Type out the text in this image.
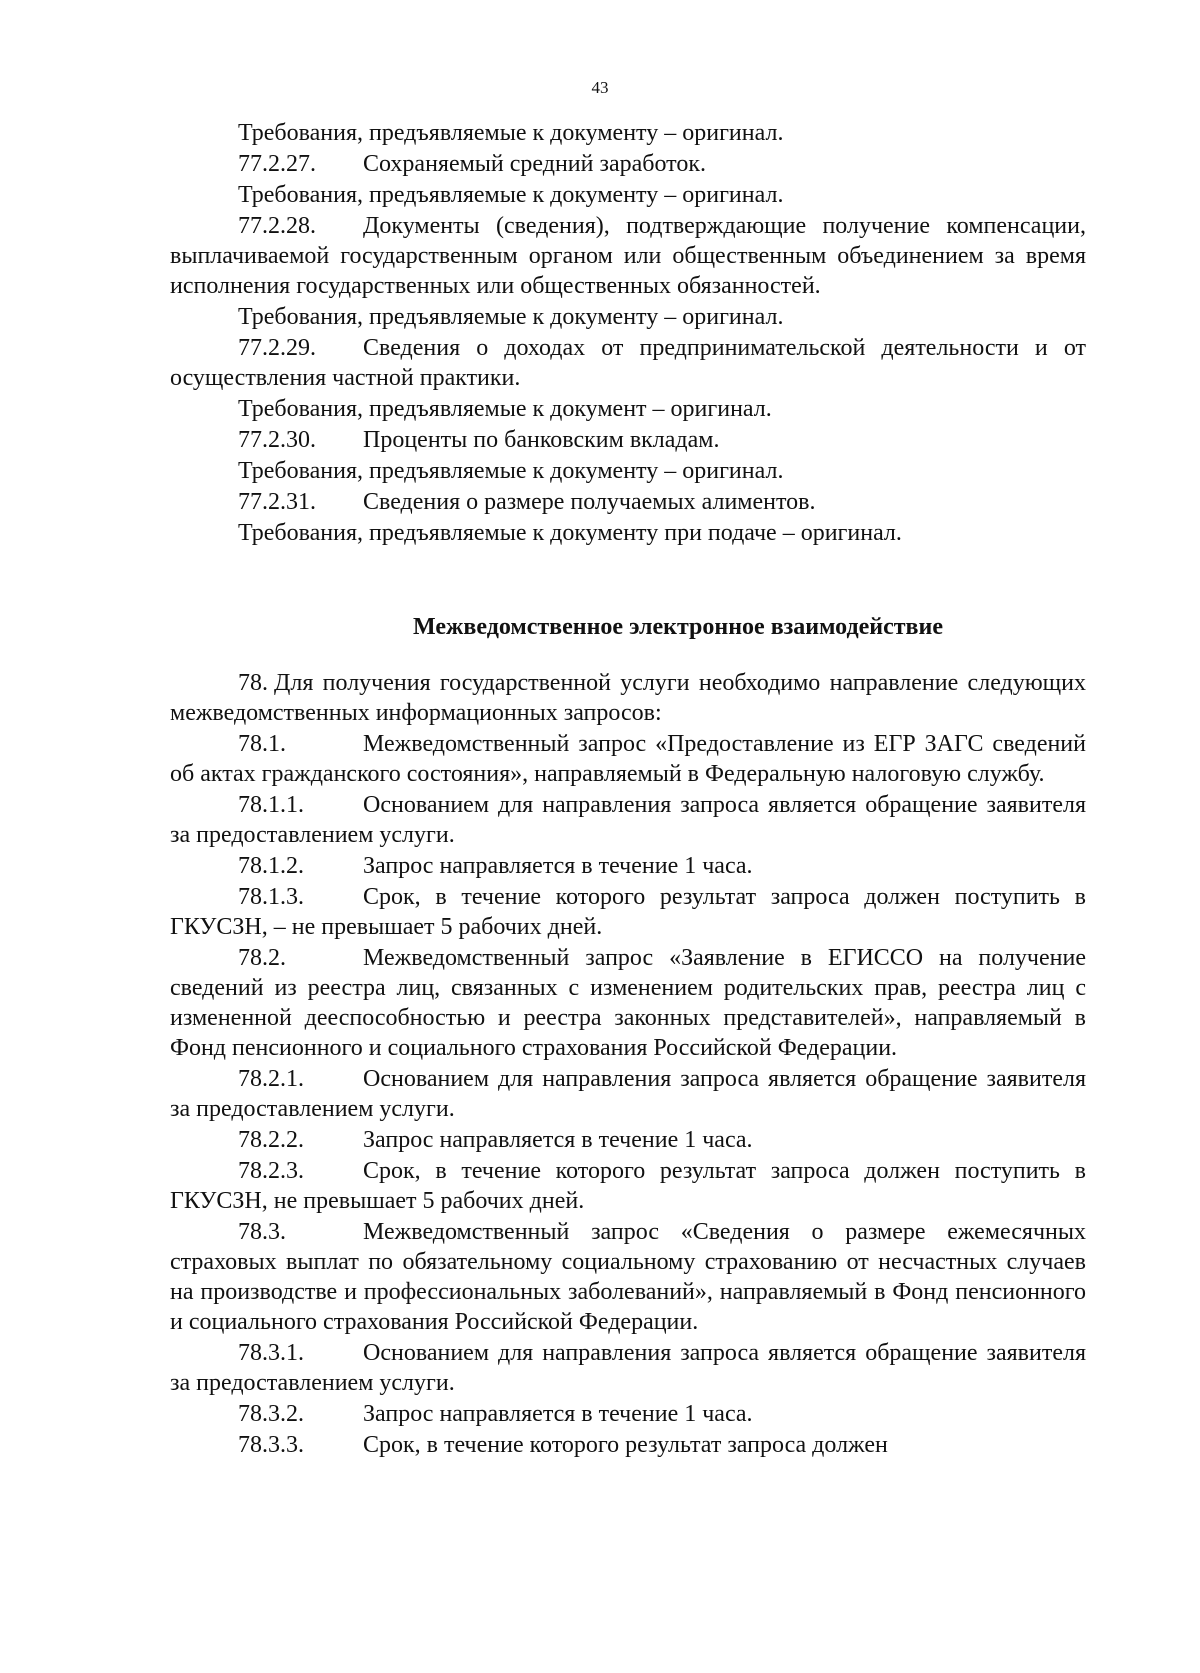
43
Требования, предъявляемые к документу – оригинал.
77.2.27. Сохраняемый средний заработок.
Требования, предъявляемые к документу – оригинал.
77.2.28. Документы (сведения), подтверждающие получение компенсации, выплачиваемой государственным органом или общественным объединением за время исполнения государственных или общественных обязанностей.
Требования, предъявляемые к документу – оригинал.
77.2.29. Сведения о доходах от предпринимательской деятельности и от осуществления частной практики.
Требования, предъявляемые к документ – оригинал.
77.2.30. Проценты по банковским вкладам.
Требования, предъявляемые к документу – оригинал.
77.2.31. Сведения о размере получаемых алиментов.
Требования, предъявляемые к документу при подаче – оригинал.
Межведомственное электронное взаимодействие
78. Для получения государственной услуги необходимо направление следующих межведомственных информационных запросов:
78.1.	Межведомственный запрос «Предоставление из ЕГР ЗАГС сведений об актах гражданского состояния», направляемый в Федеральную налоговую службу.
78.1.1. Основанием для направления запроса является обращение заявителя за предоставлением услуги.
78.1.2. Запрос направляется в течение 1 часа.
78.1.3. Срок, в течение которого результат запроса должен поступить в ГКУСЗН, – не превышает 5 рабочих дней.
78.2.	Межведомственный запрос «Заявление в ЕГИССО на получение сведений из реестра лиц, связанных с изменением родительских прав, реестра лиц с измененной дееспособностью и реестра законных представителей», направляемый в Фонд пенсионного и социального страхования Российской Федерации.
78.2.1. Основанием для направления запроса является обращение заявителя за предоставлением услуги.
78.2.2. Запрос направляется в течение 1 часа.
78.2.3. Срок, в течение которого результат запроса должен поступить в ГКУСЗН, не превышает 5 рабочих дней.
78.3.	Межведомственный запрос «Сведения о размере ежемесячных страховых выплат по обязательному социальному страхованию от несчастных случаев на производстве и профессиональных заболеваний», направляемый в Фонд пенсионного и социального страхования Российской Федерации.
78.3.1. Основанием для направления запроса является обращение заявителя за предоставлением услуги.
78.3.2. Запрос направляется в течение 1 часа.
78.3.3. Срок, в течение которого результат запроса должен
